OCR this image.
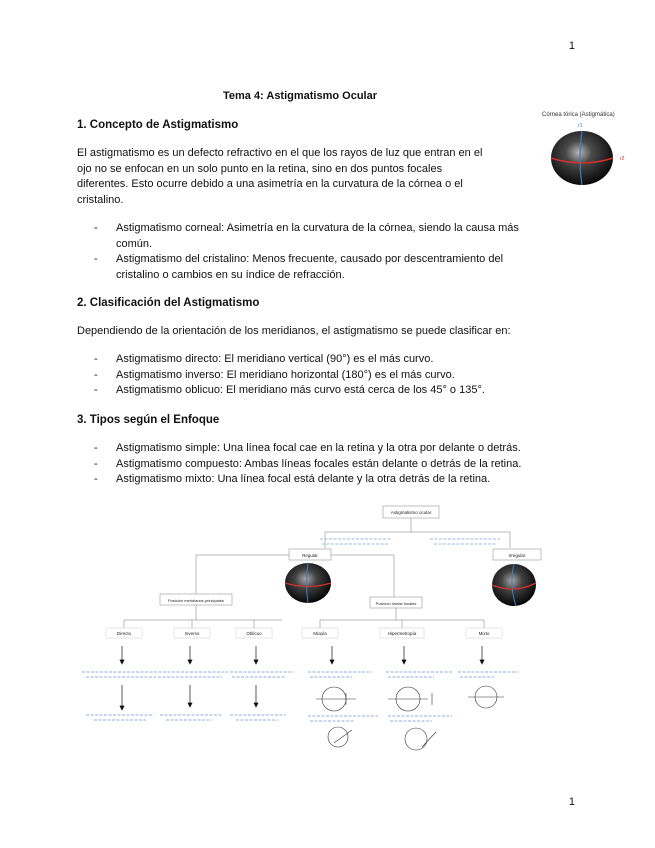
1
Tema 4: Astigmatismo Ocular
1. Concepto de Astigmatismo
El astigmatismo es un defecto refractivo en el que los rayos de luz que entran en el
ojo no se enfocan en un solo punto en la retina, sino en dos puntos focales
diferentes. Esto ocurre debido a una asimetría en la curvatura de la córnea o el
cristalino.
- Astigmatismo corneal: Asimetría en la curvatura de la córnea, siendo la causa más
común.
- Astigmatismo del cristalino: Menos frecuente, causado por descentramiento del
cristalino o cambios en su índice de refracción.
Córnea tórica (Astigmática)
r1
r2
2. Clasificación del Astigmatismo
Dependiendo de la orientación de los meridianos, el astigmatismo se puede clasificar en:
- Astigmatismo directo: El meridiano vertical (90°) es el más curvo.
- Astigmatismo inverso: El meridiano horizontal (180°) es el más curvo.
- Astigmatismo oblicuo: El meridiano más curvo está cerca de los 45° o 135°.
3. Tipos según el Enfoque
- Astigmatismo simple: Una línea focal cae en la retina y la otra por delante o detrás.
- Astigmatismo compuesto: Ambas líneas focales están delante o detrás de la retina.
- Astigmatismo mixto: Una línea focal está delante y la otra detrás de la retina.
Astigmatismo ocular
Regular	Irregular
Posición meridianos principales
Posición líneas focales
Directo	Inverso	Oblicuo	Miopía	Hipermetropía	Mixto
1
